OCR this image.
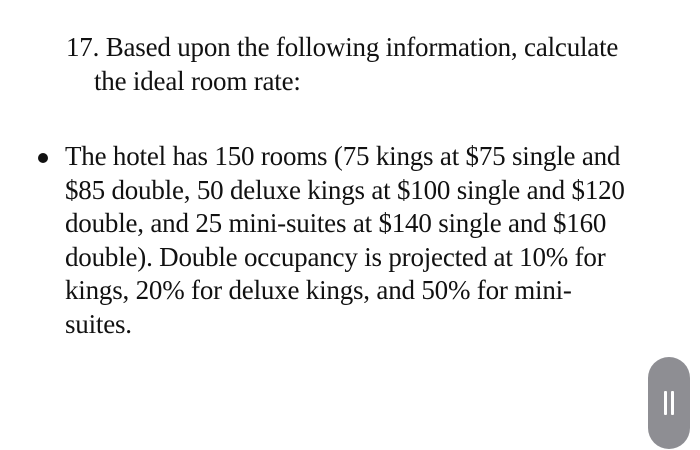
17. Based upon the following information, calculate
the ideal room rate:
The hotel has 150 rooms (75 kings at $75 single and
$85 double, 50 deluxe kings at $100 single and $120
double, and 25 mini-suites at $140 single and $160
double). Double occupancy is projected at 10% for
kings, 20% for deluxe kings, and 50% for mini-
suites.
